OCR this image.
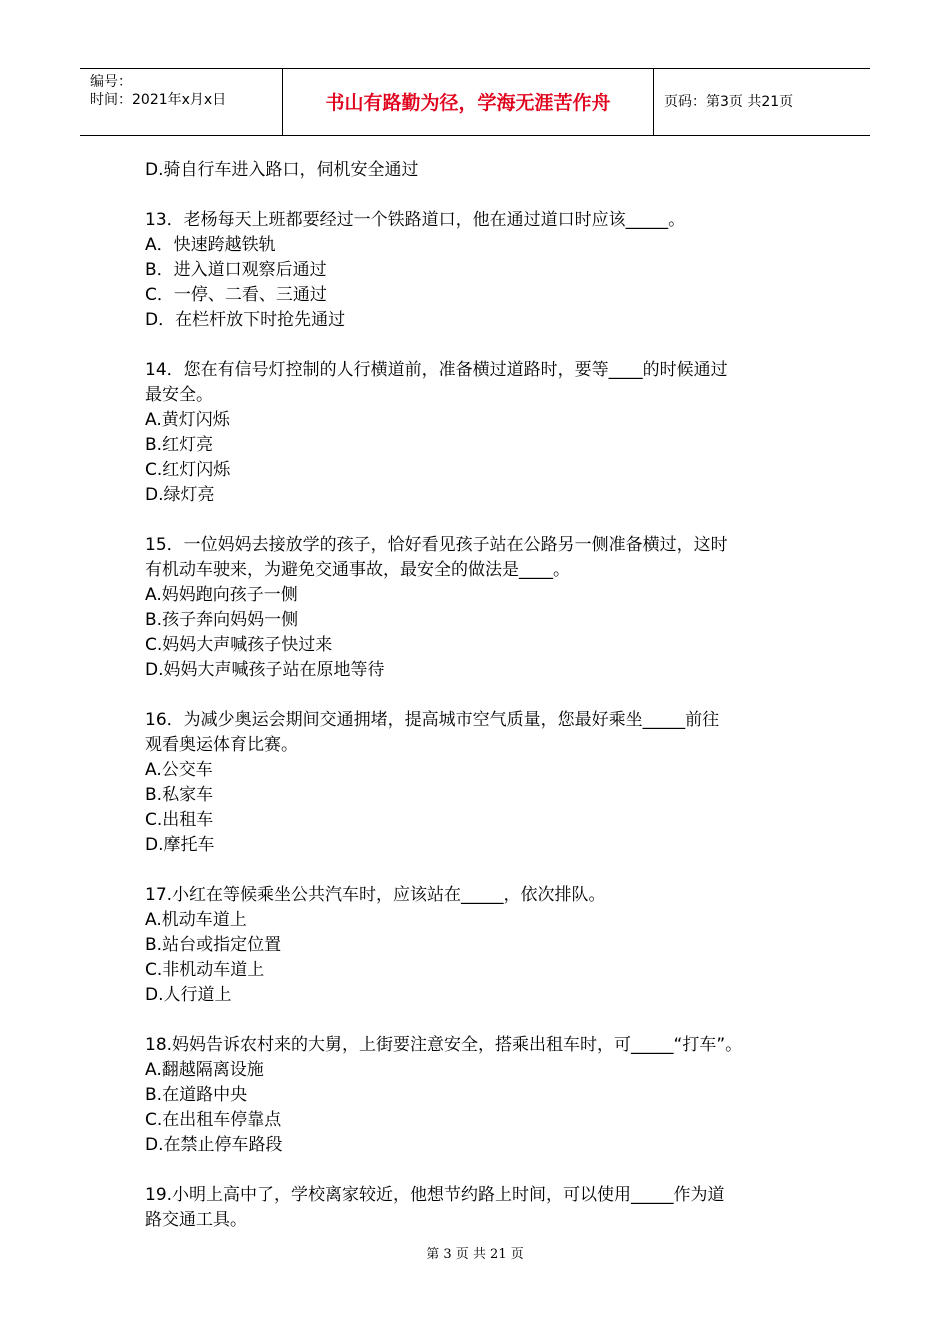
编号：
时间：2021年x月x日	书山有路勤为径，学海无涯苦作舟	页码：第3页 共21页
D.骑自行车进入路口，伺机安全通过
13．老杨每天上班都要经过一个铁路道口，他在通过道口时应该_____。
A．快速跨越铁轨
B．进入道口观察后通过
C．一停、二看、三通过
D．在栏杆放下时抢先通过
14．您在有信号灯控制的人行横道前，准备横过道路时，要等____的时候通过
最安全。
A.黄灯闪烁
B.红灯亮
C.红灯闪烁
D.绿灯亮
15．一位妈妈去接放学的孩子，恰好看见孩子站在公路另一侧准备横过，这时
有机动车驶来，为避免交通事故，最安全的做法是____。
A.妈妈跑向孩子一侧
B.孩子奔向妈妈一侧
C.妈妈大声喊孩子快过来
D.妈妈大声喊孩子站在原地等待
16．为减少奥运会期间交通拥堵，提高城市空气质量，您最好乘坐_____前往
观看奥运体育比赛。
A.公交车
B.私家车
C.出租车
D.摩托车
17.小红在等候乘坐公共汽车时，应该站在_____，依次排队。
A.机动车道上
B.站台或指定位置
C.非机动车道上
D.人行道上
18.妈妈告诉农村来的大舅，上街要注意安全，搭乘出租车时，可_____“打车”。
A.翻越隔离设施
B.在道路中央
C.在出租车停靠点
D.在禁止停车路段
19.小明上高中了，学校离家较近，他想节约路上时间，可以使用_____作为道
路交通工具。
第 3 页 共 21 页
